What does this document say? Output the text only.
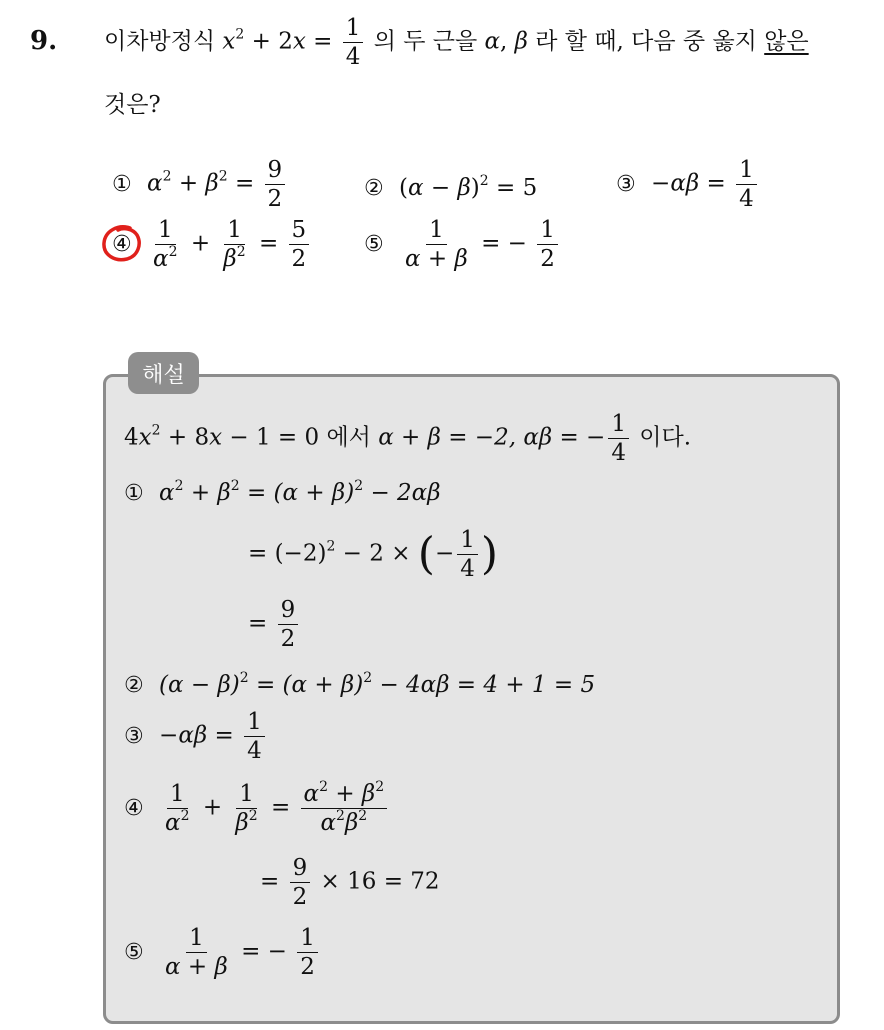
9. 이차방정식 $x^2 + 2x = \frac{1}{4}$ 의 두 근을 α, β 라 할 때, 다음 중 옳지 않은
것은?
① $\alpha^2 + \beta^2 = \frac{9}{2}$	② $(\alpha - \beta)^2 = 5$	③ $-\alpha\beta = \frac{1}{4}$
④ $\frac{1}{\alpha^2} + \frac{1}{\beta^2} = \frac{5}{2}$ ⑤ $\frac{1}{\alpha + \beta}$ = − $\frac{1}{2}$
해설
$4x^2 + 8x - 1 = 0$ 에서 α + β = −2, αβ = − $\frac{1}{4}$ 이다.
① $\alpha^2 + \beta^2 = (\alpha + \beta)^2 - 2\alpha\beta$
= $(-2)^2 - 2$ × (− $\frac{1}{4}$ )
= $\frac{9}{2}$
② $(\alpha - \beta)^2 = (\alpha + \beta)^2 - 4\alpha\beta = 4 + 1 = 5$
③ $-\alpha\beta = \frac{1}{4}$
④ $\frac{1}{\alpha^2} + \frac{1}{\beta^2} = \frac{\alpha^2 + \beta^2}{\alpha^2\beta^2}$
= $\frac{9}{2} \times 16 = 72$
⑤ $\frac{1}{\alpha + \beta}$ = − $\frac{1}{2}$
